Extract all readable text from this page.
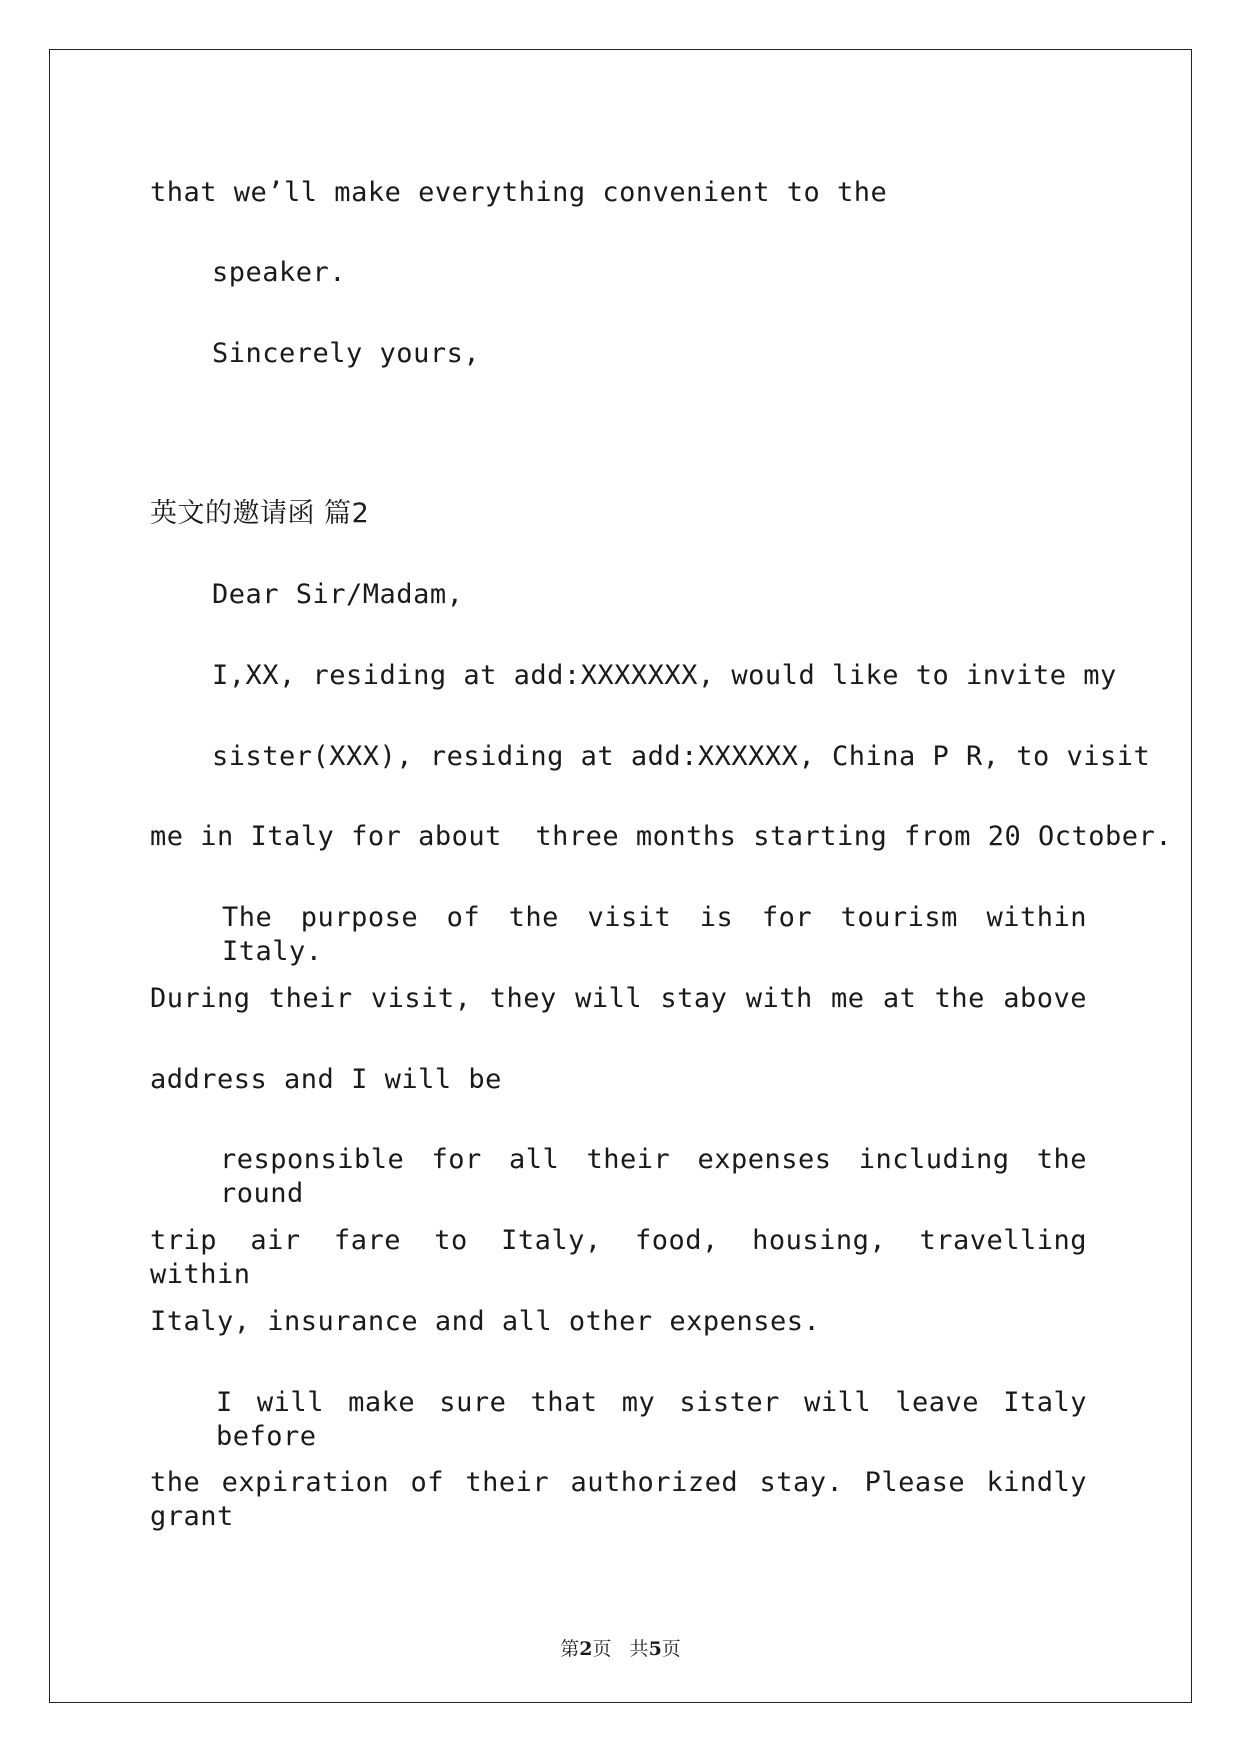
that we’ll make everything convenient to the
speaker.
Sincerely yours,
英文的邀请函 篇2
Dear Sir/Madam,
I,XX, residing at add:XXXXXXX, would like to invite my
sister(XXX), residing at add:XXXXXX, China P R, to visit
me in Italy for about  three months starting from 20 October.
The purpose of the visit is for tourism within Italy.
During their visit, they will stay with me at the above
address and I will be
responsible for all their expenses including the round
trip air fare to Italy, food, housing, travelling within
Italy, insurance and all other expenses.
I will make sure that my sister will leave Italy before
the expiration of their authorized stay. Please kindly grant
第2页   共5页
